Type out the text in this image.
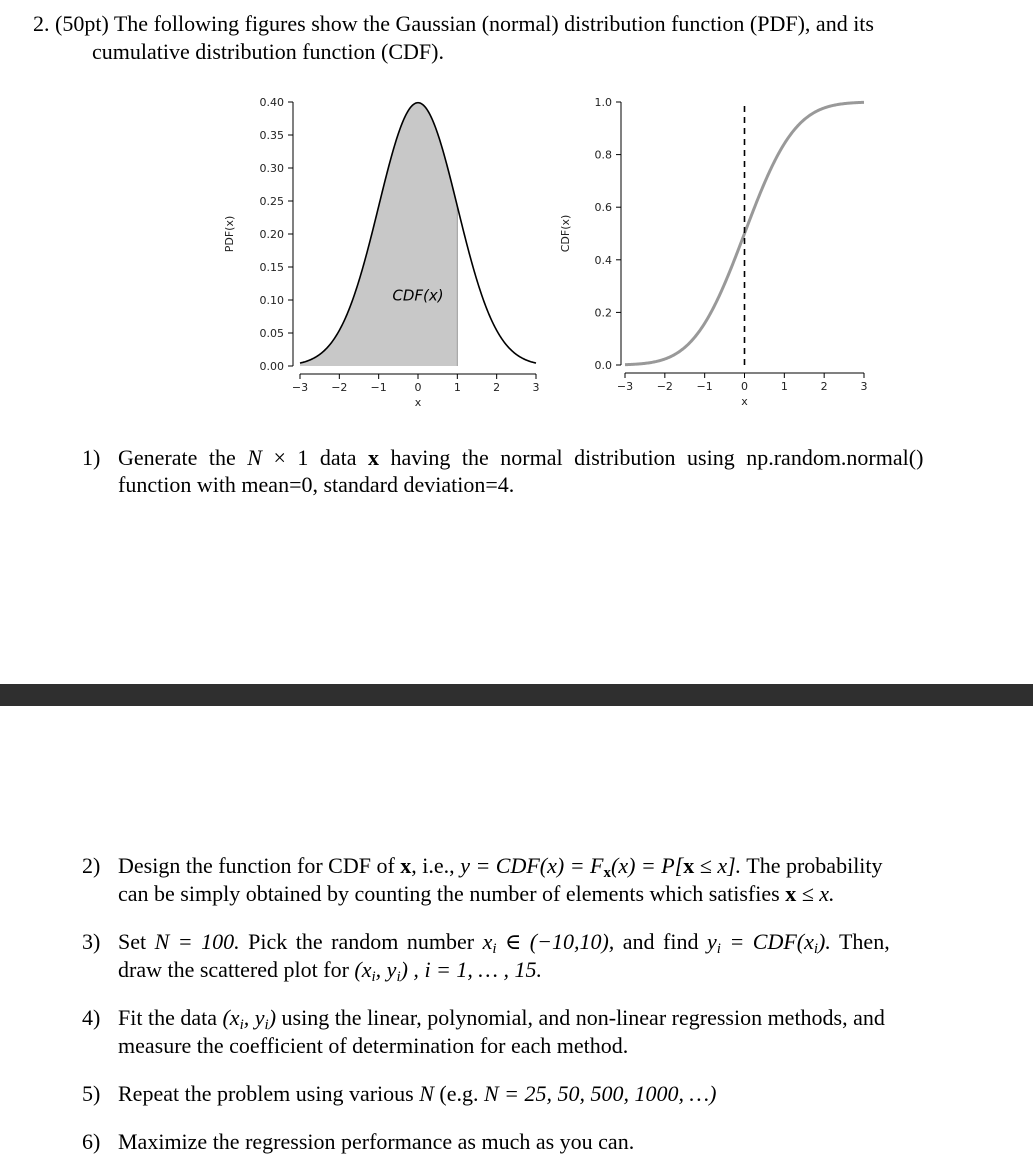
2. (50pt) The following figures show the Gaussian (normal) distribution function (PDF), and its
cumulative distribution function (CDF).
0.00
0.05
0.10
0.15
0.20
0.25
0.30
0.35
0.40
−3 −2 −1	0	1	2	3
x
PDF(x)
CDF(x)
0.0
0.2
0.4
0.6
0.8
1.0
−3 −2 −1	0	1	2	3
x
CDF(x)
1) Generate the N × 1 data x having the normal distribution using np.random.normal()
function with mean=0, standard deviation=4.
2) Design the function for CDF of x, i.e., $y = CDF(x) = F_x(x) = P[x \le x]$. The probability
can be simply obtained by counting the number of elements which satisfies x ≤ x.
3) Set N = 100. Pick the random number $x_i$ ∈ (−10,10), and find $y_i = CDF(x_i)$. Then,
draw the scattered plot for ($x_i$, $y_i$) , i = 1, … , 15.
4) Fit the data ($x_i$, $y_i$) using the linear, polynomial, and non-linear regression methods, and
measure the coefficient of determination for each method.
5) Repeat the problem using various N (e.g. N = 25, 50, 500, 1000, …)
6) Maximize the regression performance as much as you can.
